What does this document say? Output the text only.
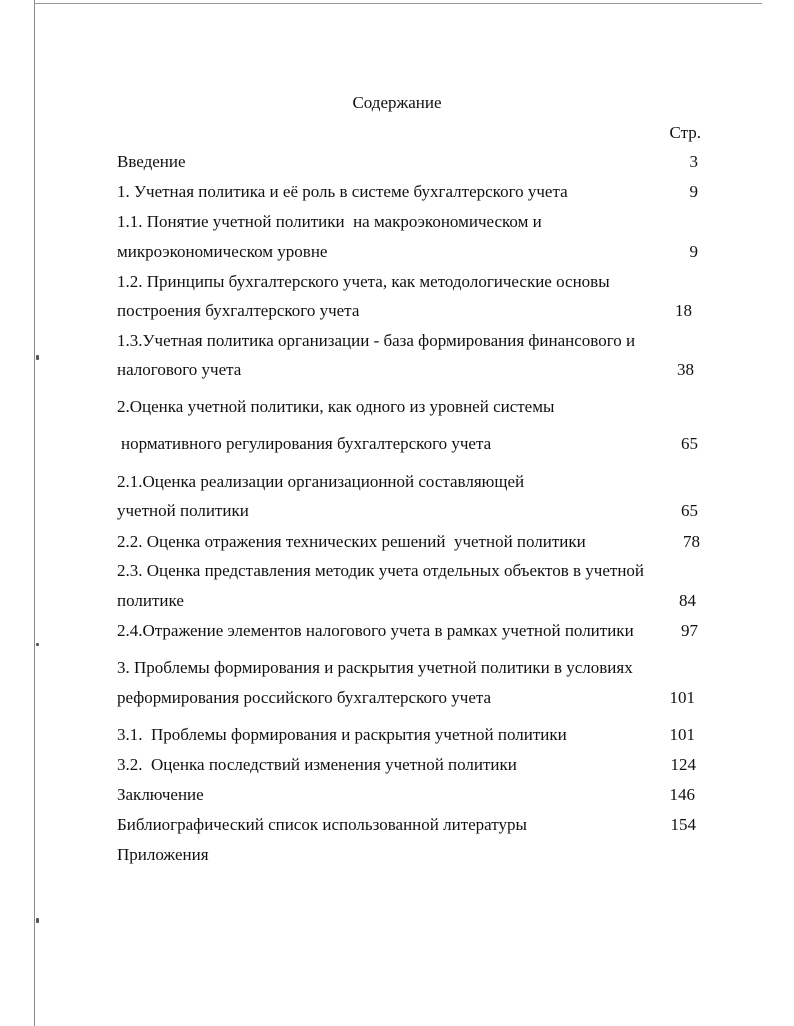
Содержание
Стр.
Введение	3
1. Учетная политика и её роль в системе бухгалтерского учета	9
1.1. Понятие учетной политики  на макроэкономическом и
микроэкономическом уровне	9
1.2. Принципы бухгалтерского учета, как методологические основы
построения бухгалтерского учета	18
1.3.Учетная политика организации - база формирования финансового и
налогового учета	38
2.Оценка учетной политики, как одного из уровней системы
нормативного регулирования бухгалтерского учета	65
2.1.Оценка реализации организационной составляющей
учетной политики	65
2.2. Оценка отражения технических решений  учетной политики	78
2.3. Оценка представления методик учета отдельных объектов в учетной
политике	84
2.4.Отражение элементов налогового учета в рамках учетной политики	97
3. Проблемы формирования и раскрытия учетной политики в условиях
реформирования российского бухгалтерского учета	101
3.1.  Проблемы формирования и раскрытия учетной политики	101
3.2.  Оценка последствий изменения учетной политики	124
Заключение	146
Библиографический список использованной литературы	154
Приложения
